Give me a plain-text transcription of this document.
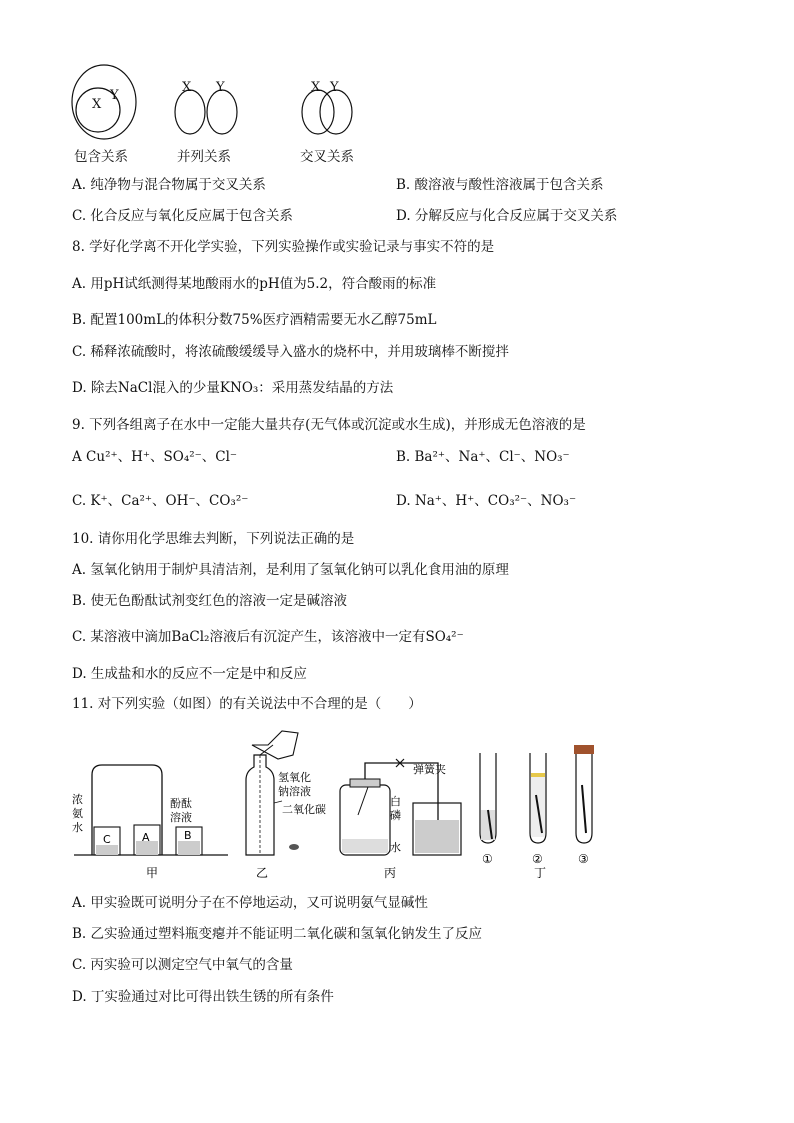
X
Y
X Y	X Y
包含关系	并列关系	交叉关系
A. 纯净物与混合物属于交叉关系	B. 酸溶液与酸性溶液属于包含关系
C. 化合反应与氧化反应属于包含关系	D. 分解反应与化合反应属于交叉关系
8. 学好化学离不开化学实验，下列实验操作或实验记录与事实不符的是
A. 用pH试纸测得某地酸雨水的pH值为5.2，符合酸雨的标准
B. 配置100mL的体积分数75%医疗酒精需要无水乙醇75mL
C. 稀释浓硫酸时，将浓硫酸缓缓导入盛水的烧杯中，并用玻璃棒不断搅拌
D. 除去NaCl混入的少量KNO₃：采用蒸发结晶的方法
9. 下列各组离子在水中一定能大量共存(无气体或沉淀或水生成)，并形成无色溶液的是
A Cu²⁺、H⁺、SO₄²⁻、Cl⁻	B. Ba²⁺、Na⁺、Cl⁻、NO₃⁻
C. K⁺、Ca²⁺、OH⁻、CO₃²⁻	D. Na⁺、H⁺、CO₃²⁻、NO₃⁻
10. 请你用化学思维去判断，下列说法正确的是
A. 氢氧化钠用于制炉具清洁剂，是利用了氢氧化钠可以乳化食用油的原理
B. 使无色酚酞试剂变红色的溶液一定是碱溶液
C. 某溶液中滴加BaCl₂溶液后有沉淀产生，该溶液中一定有SO₄²⁻
D. 生成盐和水的反应不一定是中和反应
11. 对下列实验（如图）的有关说法中不合理的是（　　）
C	A	B
①	②	③
甲	乙	丙	丁
浓
氨
水
酚酞
溶液
氢氧化
钠溶液
二氧化碳
弹簧夹
白
磷
水
A. 甲实验既可说明分子在不停地运动，又可说明氨气显碱性
B. 乙实验通过塑料瓶变瘪并不能证明二氧化碳和氢氧化钠发生了反应
C. 丙实验可以测定空气中氧气的含量
D. 丁实验通过对比可得出铁生锈的所有条件
